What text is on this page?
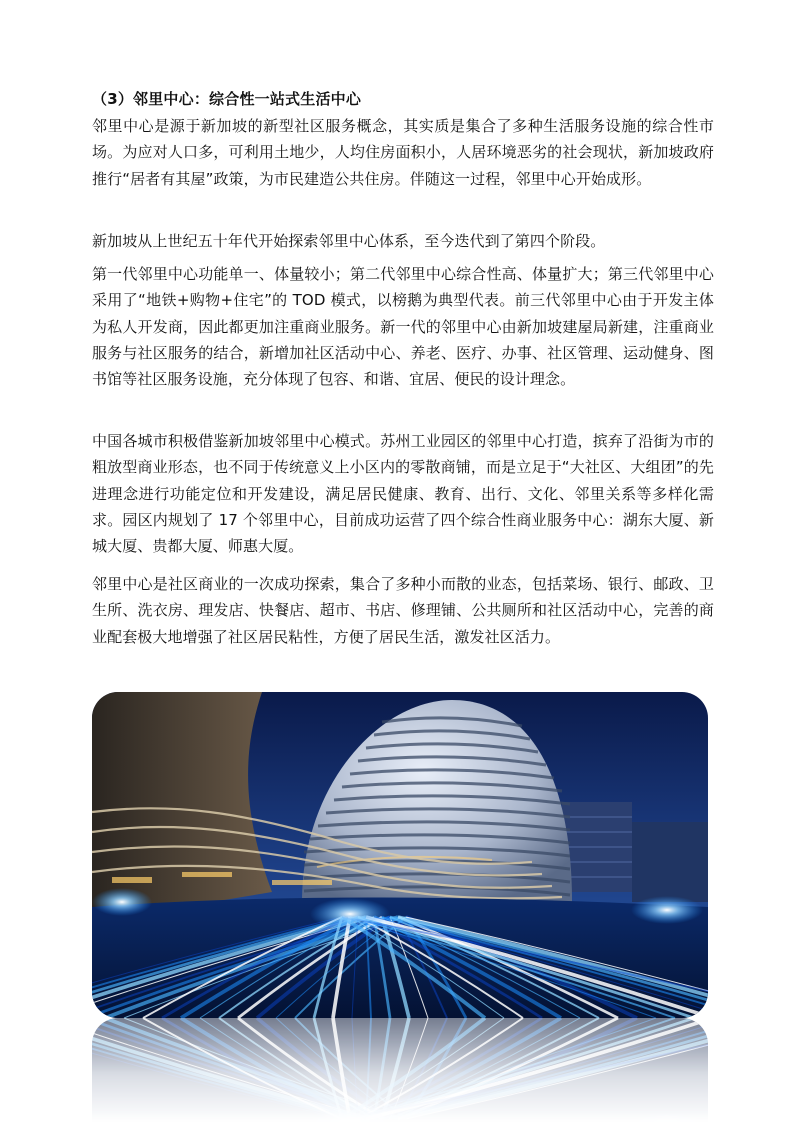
（3）邻里中心：综合性一站式生活中心

邻里中心是源于新加坡的新型社区服务概念，其实质是集合了多种生活服务设施的综合性市场。为应对人口多，可利用土地少，人均住房面积小，人居环境恶劣的社会现状，新加坡政府推行“居者有其屋”政策，为市民建造公共住房。伴随这一过程，邻里中心开始成形。

新加坡从上世纪五十年代开始探索邻里中心体系，至今迭代到了第四个阶段。

第一代邻里中心功能单一、体量较小；第二代邻里中心综合性高、体量扩大；第三代邻里中心采用了“地铁+购物+住宅”的 TOD 模式，以榜鹅为典型代表。前三代邻里中心由于开发主体为私人开发商，因此都更加注重商业服务。新一代的邻里中心由新加坡建屋局新建，注重商业服务与社区服务的结合，新增加社区活动中心、养老、医疗、办事、社区管理、运动健身、图书馆等社区服务设施，充分体现了包容、和谐、宜居、便民的设计理念。

中国各城市积极借鉴新加坡邻里中心模式。苏州工业园区的邻里中心打造，摈弃了沿街为市的粗放型商业形态，也不同于传统意义上小区内的零散商铺，而是立足于“大社区、大组团”的先进理念进行功能定位和开发建设，满足居民健康、教育、出行、文化、邻里关系等多样化需求。园区内规划了 17 个邻里中心，目前成功运营了四个综合性商业服务中心：湖东大厦、新城大厦、贵都大厦、师惠大厦。

邻里中心是社区商业的一次成功探索，集合了多种小而散的业态，包括菜场、银行、邮政、卫生所、洗衣房、理发店、快餐店、超市、书店、修理铺、公共厕所和社区活动中心，完善的商业配套极大地增强了社区居民粘性，方便了居民生活，激发社区活力。
